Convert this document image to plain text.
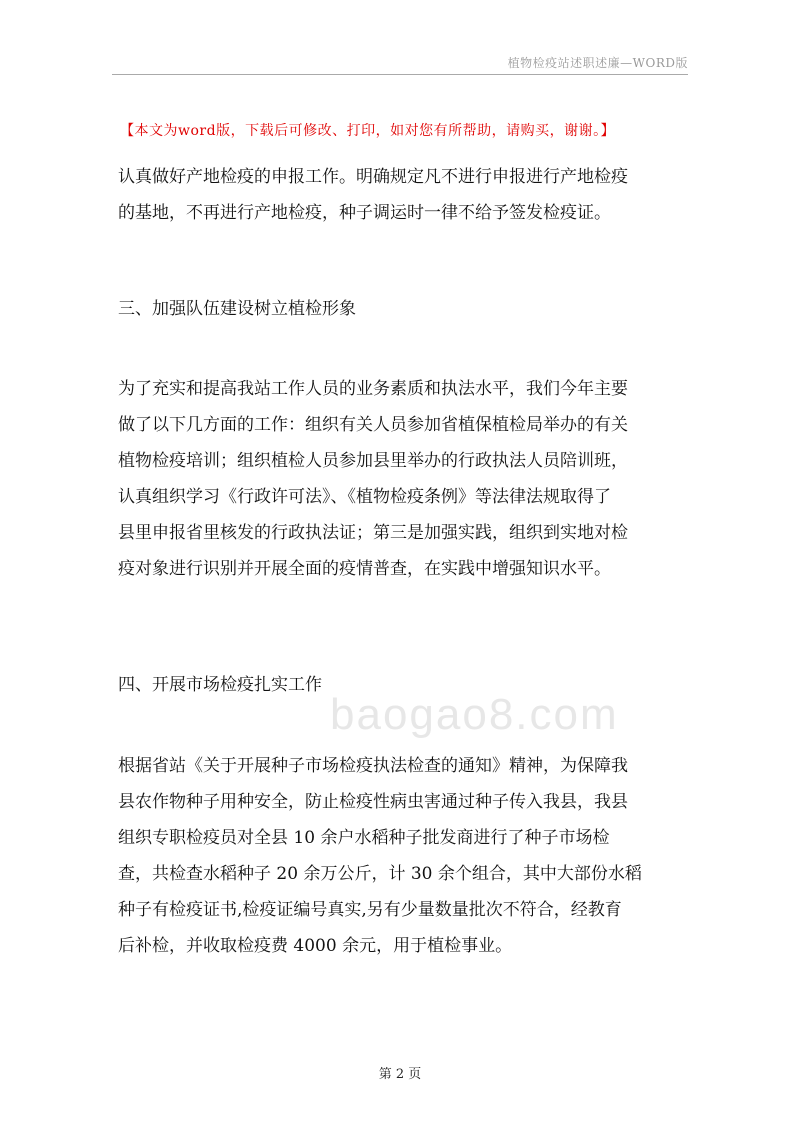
植物检疫站述职述廉—WORD版
【本文为word版，下载后可修改、打印，如对您有所帮助，请购买，谢谢。】
baogao8.com
认真做好产地检疫的申报工作。明确规定凡不进行申报进行产地检疫
的基地，不再进行产地检疫，种子调运时一律不给予签发检疫证。
三、加强队伍建设树立植检形象
为了充实和提高我站工作人员的业务素质和执法水平，我们今年主要
做了以下几方面的工作：组织有关人员参加省植保植检局举办的有关
植物检疫培训；组织植检人员参加县里举办的行政执法人员陪训班，
认真组织学习《行政许可法》、《植物检疫条例》等法律法规取得了
县里申报省里核发的行政执法证；第三是加强实践，组织到实地对检
疫对象进行识别并开展全面的疫情普查，在实践中增强知识水平。
四、开展市场检疫扎实工作
根据省站《关于开展种子市场检疫执法检查的通知》精神，为保障我
县农作物种子用种安全，防止检疫性病虫害通过种子传入我县，我县
组织专职检疫员对全县 10 余户水稻种子批发商进行了种子市场检
查，共检查水稻种子 20 余万公斤，计 30 余个组合，其中大部份水稻
种子有检疫证书,检疫证编号真实,另有少量数量批次不符合，经教育
后补检，并收取检疫费 4000 余元，用于植检事业。
第 2 页
